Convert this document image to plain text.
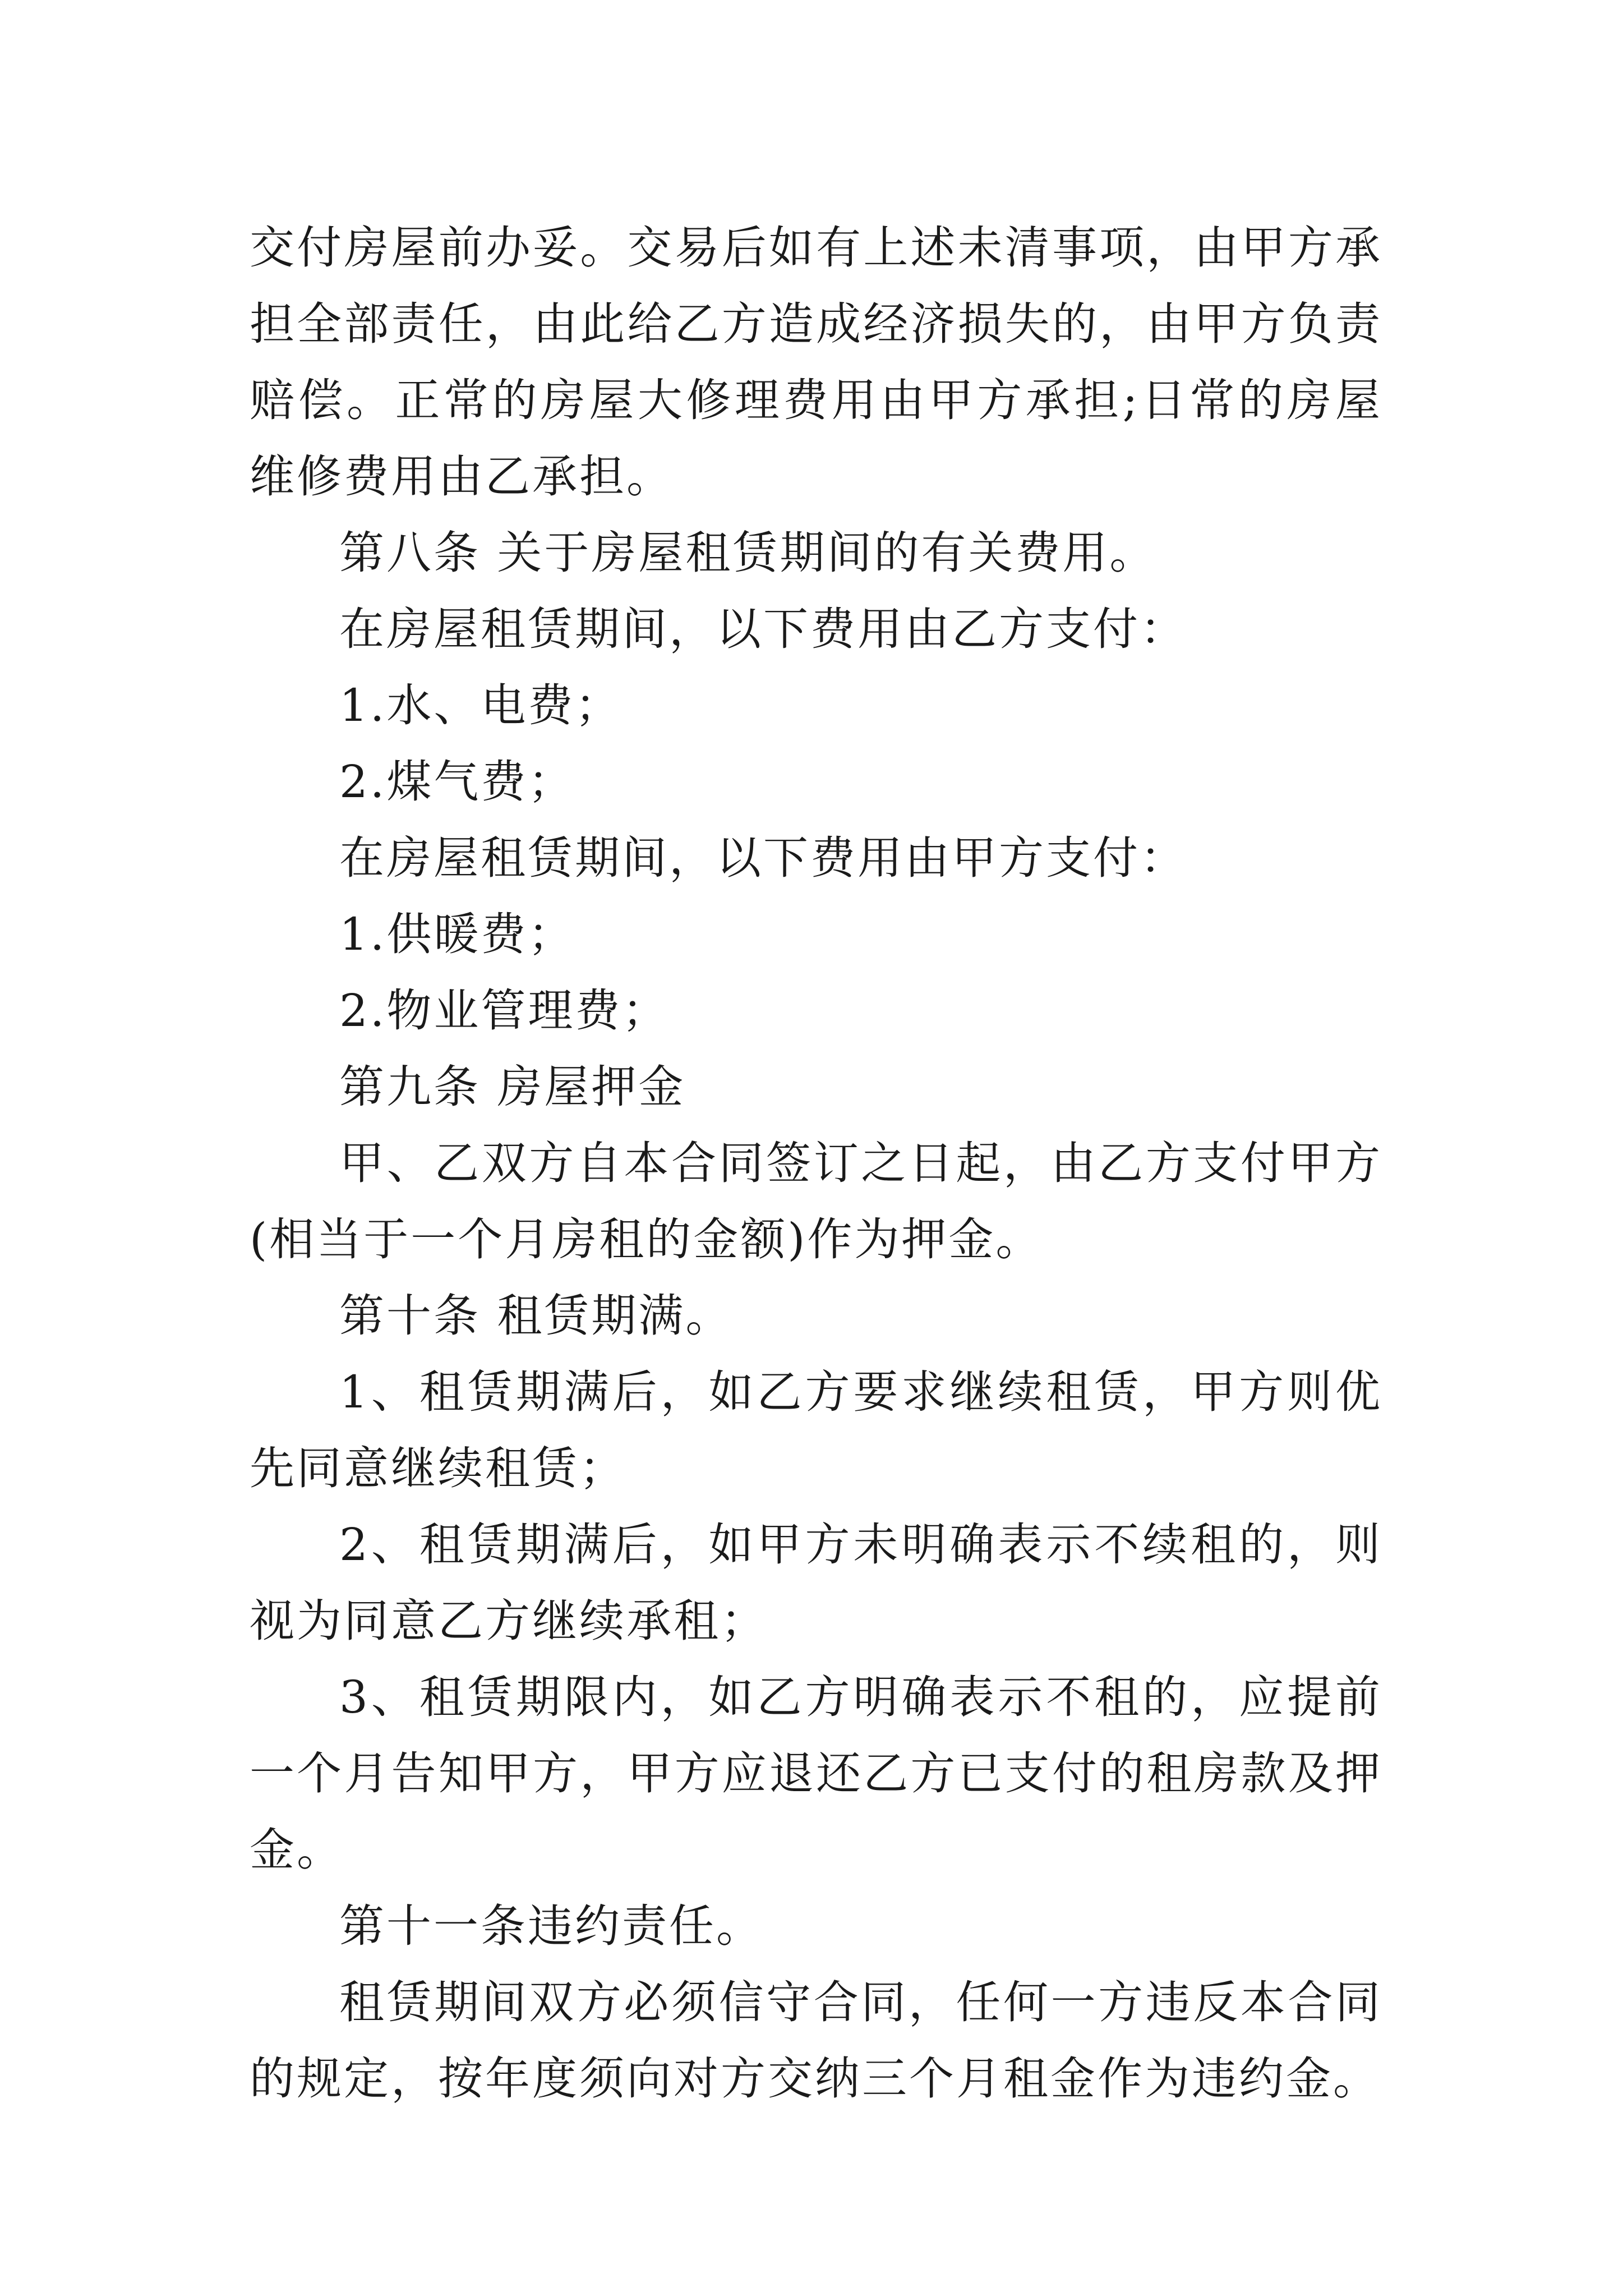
交付房屋前办妥。交易后如有上述未清事项，由甲方承担全部责任，由此给乙方造成经济损失的，由甲方负责赔偿。正常的房屋大修理费用由甲方承担;日常的房屋维修费用由乙承担。

第八条 关于房屋租赁期间的有关费用。

在房屋租赁期间，以下费用由乙方支付：

1.水、电费；

2.煤气费；

在房屋租赁期间，以下费用由甲方支付：

1.供暖费；

2.物业管理费；

第九条 房屋押金

甲、乙双方自本合同签订之日起，由乙方支付甲方(相当于一个月房租的金额)作为押金。

第十条 租赁期满。

1、租赁期满后，如乙方要求继续租赁，甲方则优先同意继续租赁；

2、租赁期满后，如甲方未明确表示不续租的，则视为同意乙方继续承租；

3、租赁期限内，如乙方明确表示不租的，应提前一个月告知甲方，甲方应退还乙方已支付的租房款及押金。

第十一条违约责任。

租赁期间双方必须信守合同，任何一方违反本合同的规定，按年度须向对方交纳三个月租金作为违约金。
